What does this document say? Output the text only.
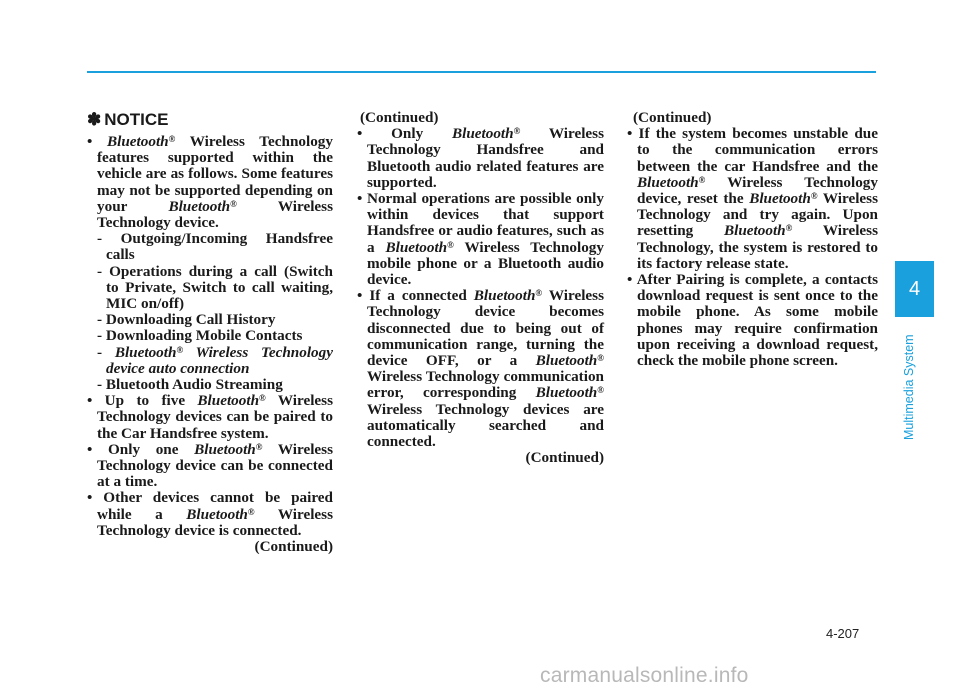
✽ NOTICE
• Bluetooth® Wireless Technology features supported within the vehicle are as follows. Some features may not be supported depending on your Bluetooth®	Wireless Technology device.
- Outgoing/Incoming Handsfree calls
- Operations during a call (Switch to Private, Switch to call waiting, MIC on/off)
- Downloading Call History
- Downloading Mobile Contacts
- Bluetooth® Wireless Technology device auto connection
- Bluetooth Audio Streaming
• Up to five Bluetooth® Wireless Technology devices can be paired to the Car Handsfree system.
• Only one Bluetooth® Wireless Technology device can be connected at a time.
• Other devices cannot be paired while a Bluetooth® Wireless Technology device is connected.
(Continued)
(Continued)
• Only Bluetooth® Wireless Technology Handsfree and Bluetooth audio related features are supported.
• Normal operations are possible only within devices that support Handsfree or audio features, such as a Bluetooth® Wireless Technology mobile phone or a Bluetooth audio device.
• If a connected Bluetooth® Wireless Technology device becomes disconnected due to being out of communication range, turning the device OFF, or a Bluetooth® Wireless Technology communication error, corresponding Bluetooth® Wireless Technology devices are automatically searched and connected.
(Continued)
(Continued)
• If the system becomes unstable due to the communication errors between the car Handsfree and the Bluetooth® Wireless Technology device, reset the Bluetooth® Wireless Technology and try again. Upon resetting Bluetooth® Wireless Technology, the system is restored to its factory release state.
• After Pairing is complete, a contacts download request is sent once to the mobile phone. As some mobile phones may require confirmation upon receiving a download request, check the mobile phone screen.
4
Multimedia System
4-207
carmanualsonline.info
